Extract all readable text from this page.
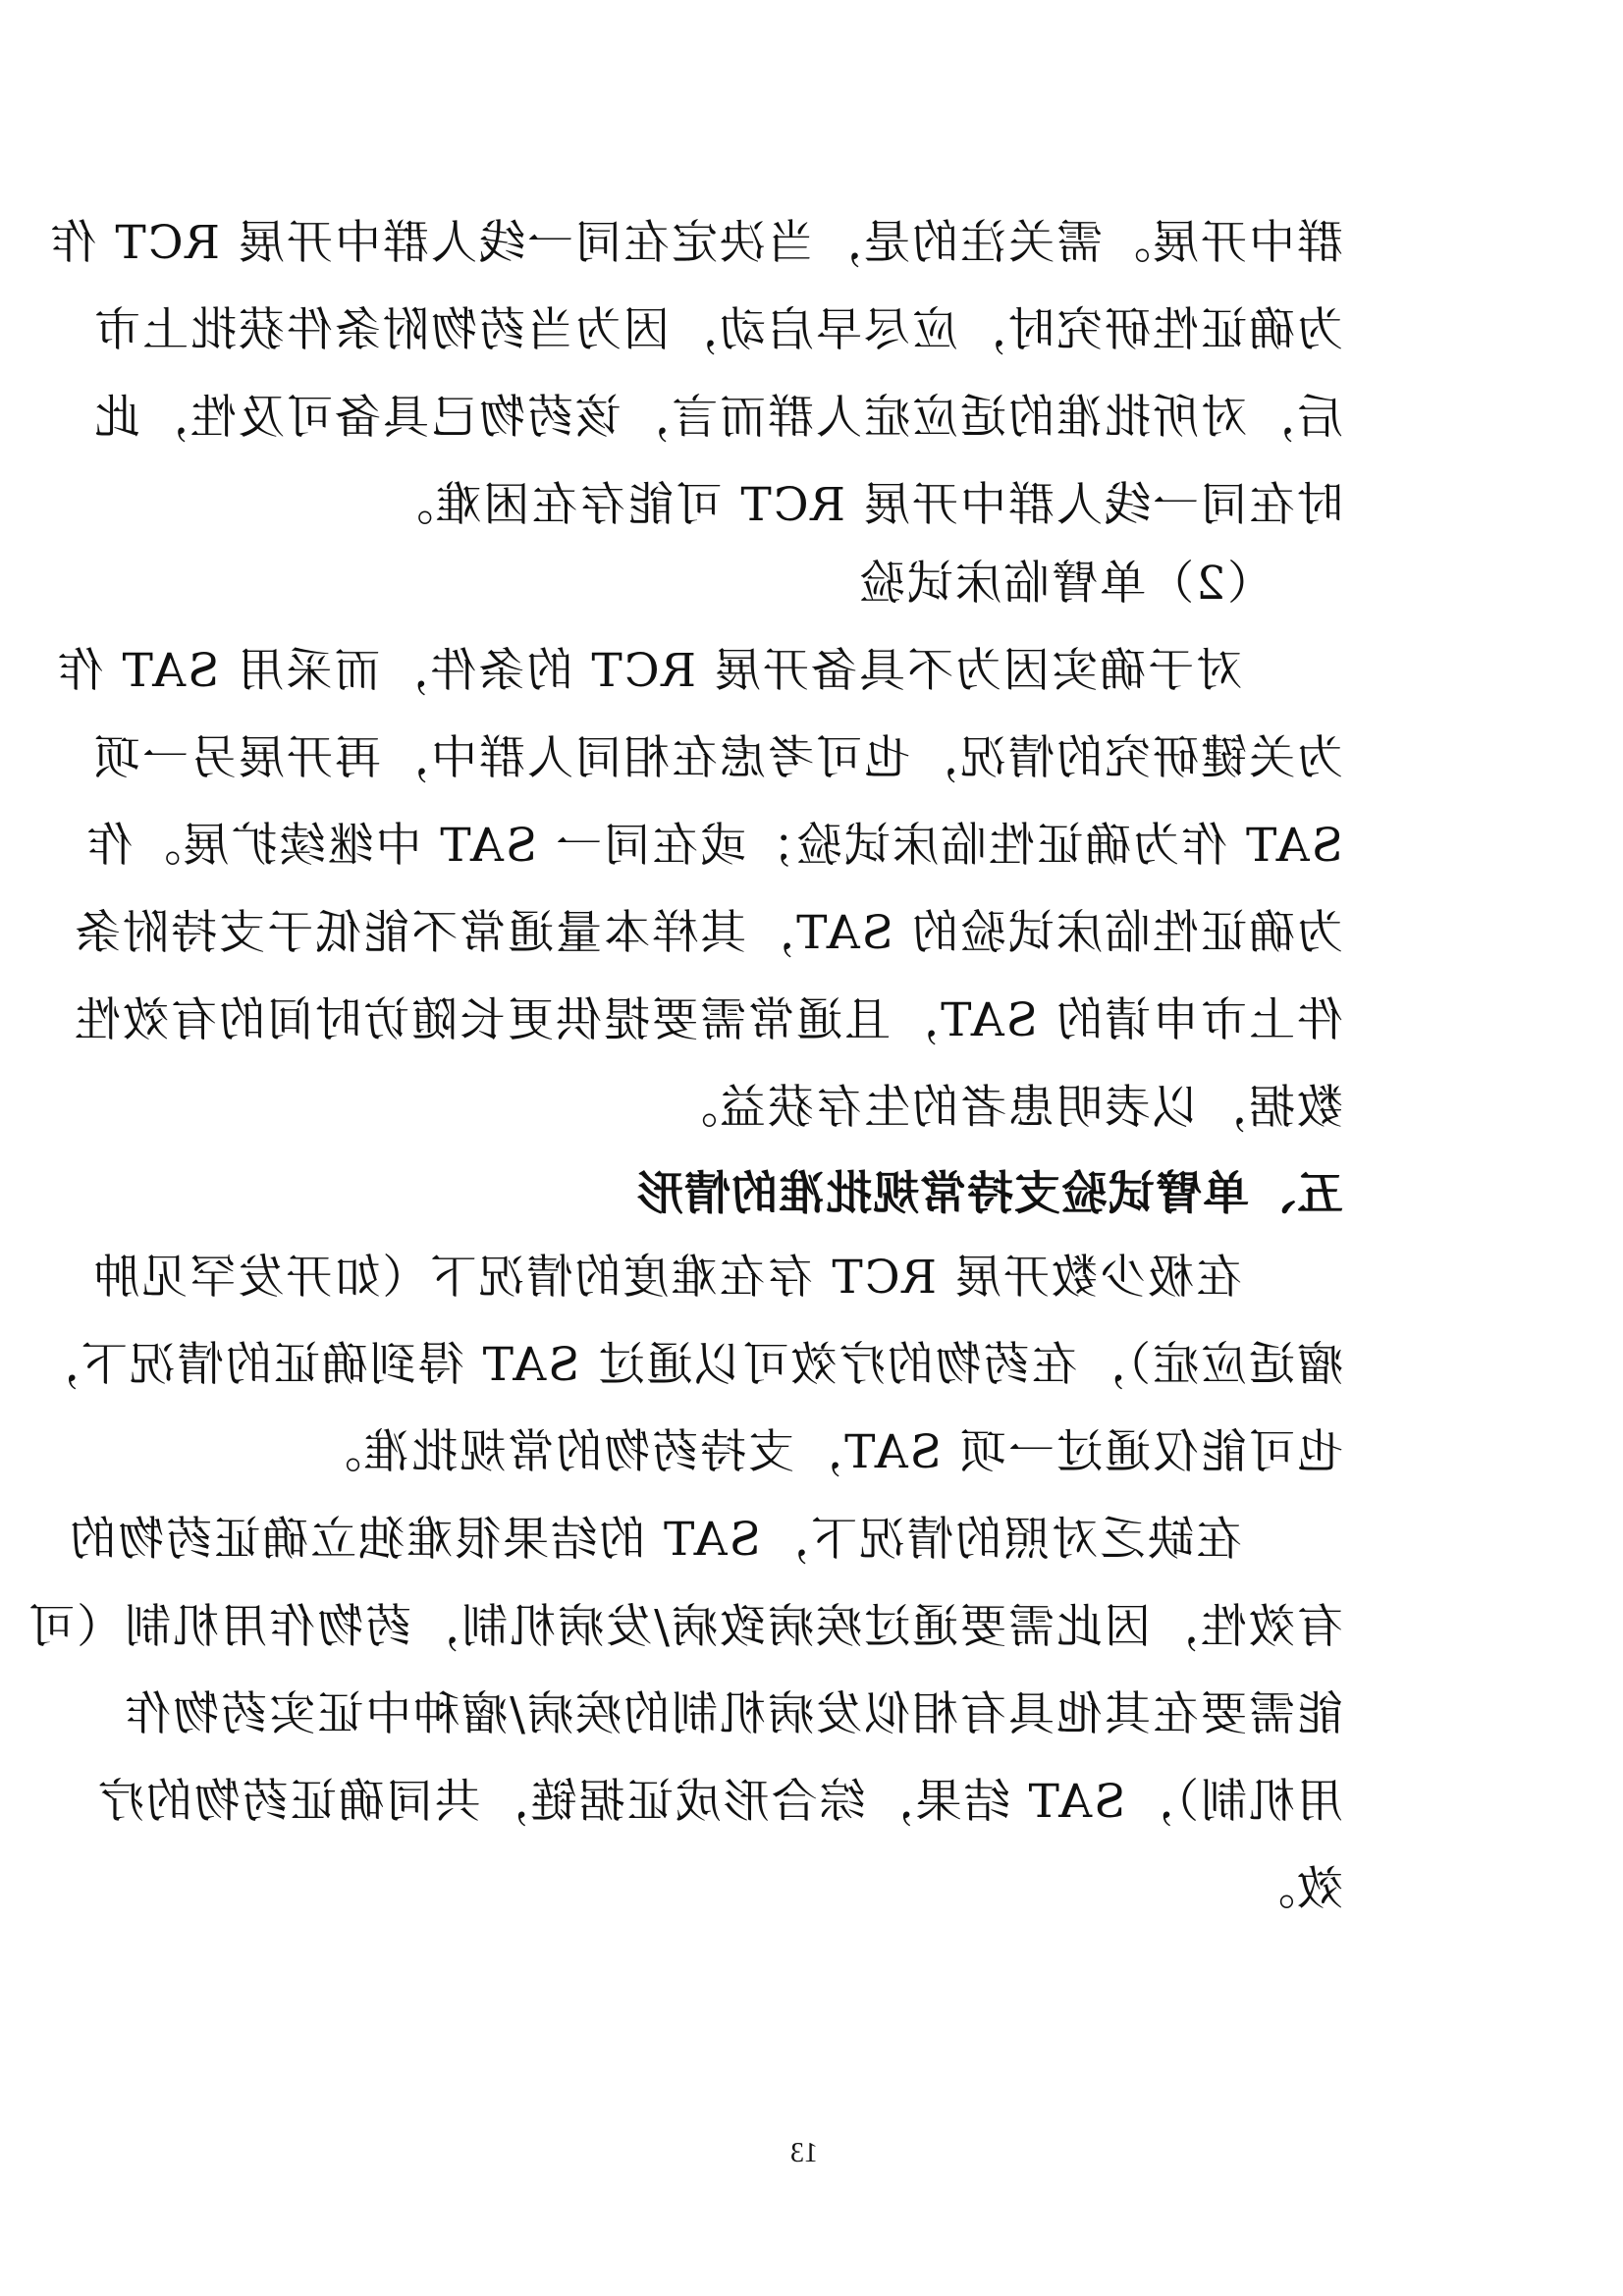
群中开展。需关注的是，当决定在同一线人群中开展 RCT 作
为确证性研究时，应尽早启动，因为当药物附条件获批上市
后，对所批准的适应症人群而言，该药物已具备可及性，此
时在同一线人群中开展 RCT 可能存在困难。
（2）单臂临床试验
对于确实因为不具备开展 RCT 的条件，而采用 SAT 作
为关键研究的情况，也可考虑在相同人群中，再开展另一项
SAT 作为确证性临床试验；或在同一 SAT 中继续扩展。作
为确证性临床试验的 SAT，其样本量通常不能低于支持附条
件上市申请的 SAT，且通常需要提供更长随访时间的有效性
数据，以表明患者的生存获益。
五、单臂试验支持常规批准的情形
在极少数开展 RCT 存在难度的情况下（如开发罕见肿
瘤适应症），在药物的疗效可以通过 SAT 得到确证的情况下，
也可能仅通过一项 SAT，支持药物的常规批准。
在缺乏对照的情况下，SAT 的结果很难独立确证药物的
有效性，因此需要通过疾病致病/发病机制，药物作用机制（可
能需要在其他具有相似发病机制的疾病/瘤种中证实药物作
用机制），SAT 结果，综合形成证据链，共同确证药物的疗
效。
13
